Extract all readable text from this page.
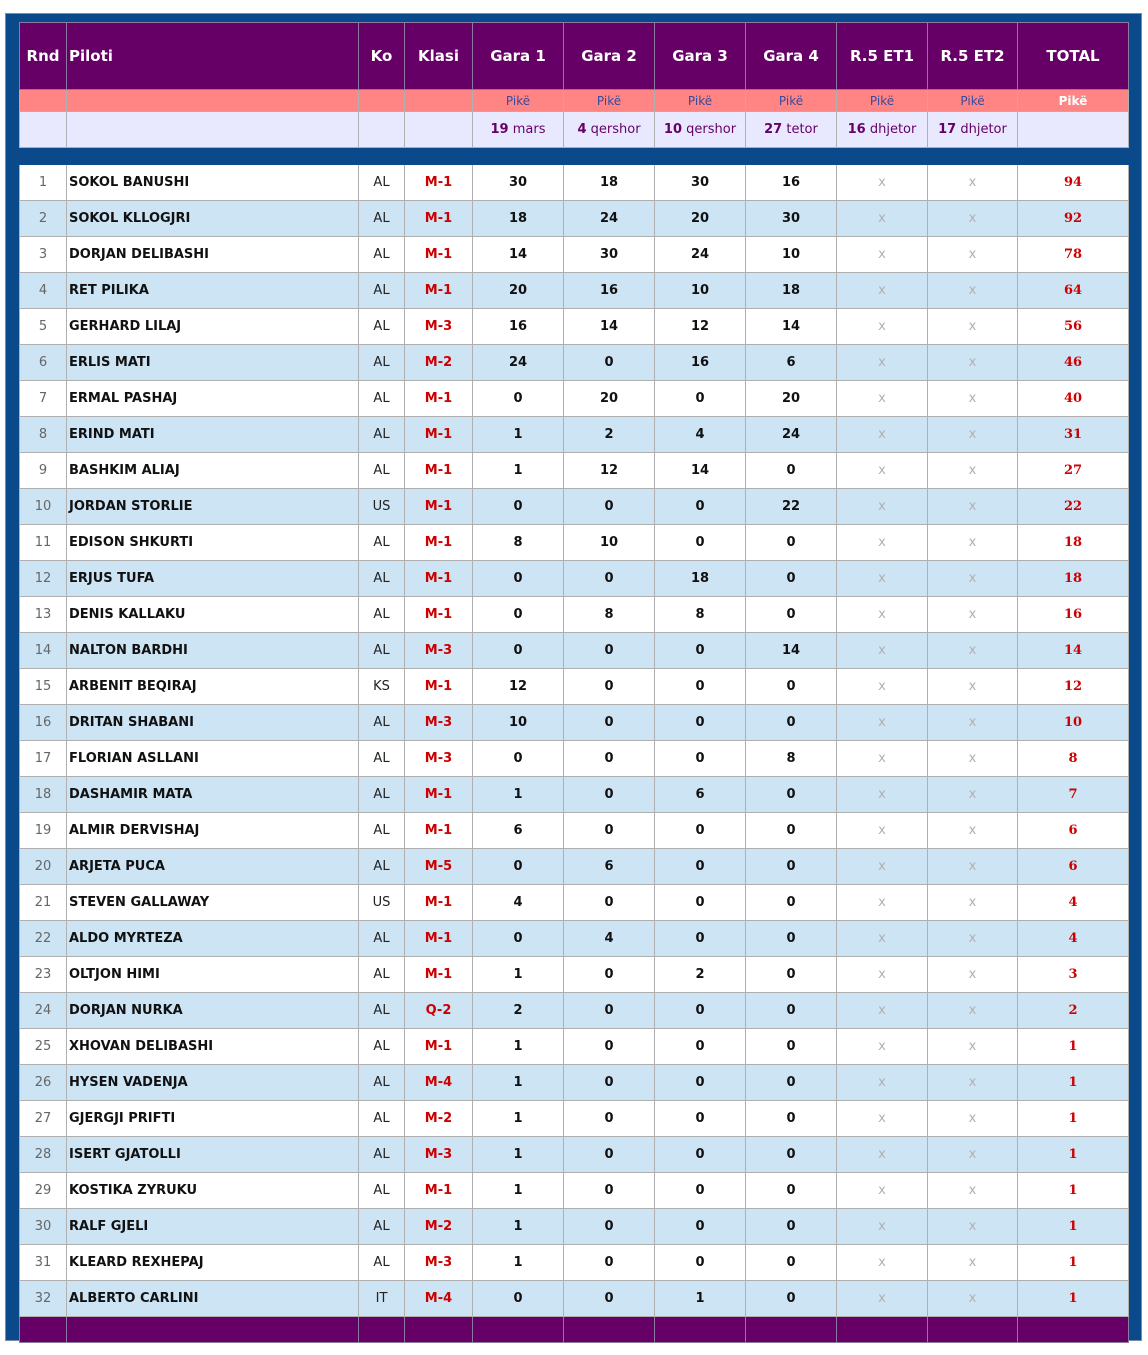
Rnd	Piloti	Ko	Klasi	Gara 1	Gara 2	Gara 3	Gara 4	R.5 ET1	R.5 ET2	TOTAL
				Pikë	Pikë	Pikë	Pikë	Pikë	Pikë	Pikë
				19 mars	4 qershor	10 qershor	27 tetor	16 dhjetor	17 dhjetor	

1	SOKOL BANUSHI	AL	M-1	30	18	30	16	x	x	94
2	SOKOL KLLOGJRI	AL	M-1	18	24	20	30	x	x	92
3	DORJAN DELIBASHI	AL	M-1	14	30	24	10	x	x	78
4	RET PILIKA	AL	M-1	20	16	10	18	x	x	64
5	GERHARD LILAJ	AL	M-3	16	14	12	14	x	x	56
6	ERLIS MATI	AL	M-2	24	0	16	6	x	x	46
7	ERMAL PASHAJ	AL	M-1	0	20	0	20	x	x	40
8	ERIND MATI	AL	M-1	1	2	4	24	x	x	31
9	BASHKIM ALIAJ	AL	M-1	1	12	14	0	x	x	27
10	JORDAN STORLIE	US	M-1	0	0	0	22	x	x	22
11	EDISON SHKURTI	AL	M-1	8	10	0	0	x	x	18
12	ERJUS TUFA	AL	M-1	0	0	18	0	x	x	18
13	DENIS KALLAKU	AL	M-1	0	8	8	0	x	x	16
14	NALTON BARDHI	AL	M-3	0	0	0	14	x	x	14
15	ARBENIT BEQIRAJ	KS	M-1	12	0	0	0	x	x	12
16	DRITAN SHABANI	AL	M-3	10	0	0	0	x	x	10
17	FLORIAN ASLLANI	AL	M-3	0	0	0	8	x	x	8
18	DASHAMIR MATA	AL	M-1	1	0	6	0	x	x	7
19	ALMIR DERVISHAJ	AL	M-1	6	0	0	0	x	x	6
20	ARJETA PUCA	AL	M-5	0	6	0	0	x	x	6
21	STEVEN GALLAWAY	US	M-1	4	0	0	0	x	x	4
22	ALDO MYRTEZA	AL	M-1	0	4	0	0	x	x	4
23	OLTJON HIMI	AL	M-1	1	0	2	0	x	x	3
24	DORJAN NURKA	AL	Q-2	2	0	0	0	x	x	2
25	XHOVAN DELIBASHI	AL	M-1	1	0	0	0	x	x	1
26	HYSEN VADENJA	AL	M-4	1	0	0	0	x	x	1
27	GJERGJI PRIFTI	AL	M-2	1	0	0	0	x	x	1
28	ISERT GJATOLLI	AL	M-3	1	0	0	0	x	x	1
29	KOSTIKA ZYRUKU	AL	M-1	1	0	0	0	x	x	1
30	RALF GJELI	AL	M-2	1	0	0	0	x	x	1
31	KLEARD REXHEPAJ	AL	M-3	1	0	0	0	x	x	1
32	ALBERTO CARLINI	IT	M-4	0	0	1	0	x	x	1
